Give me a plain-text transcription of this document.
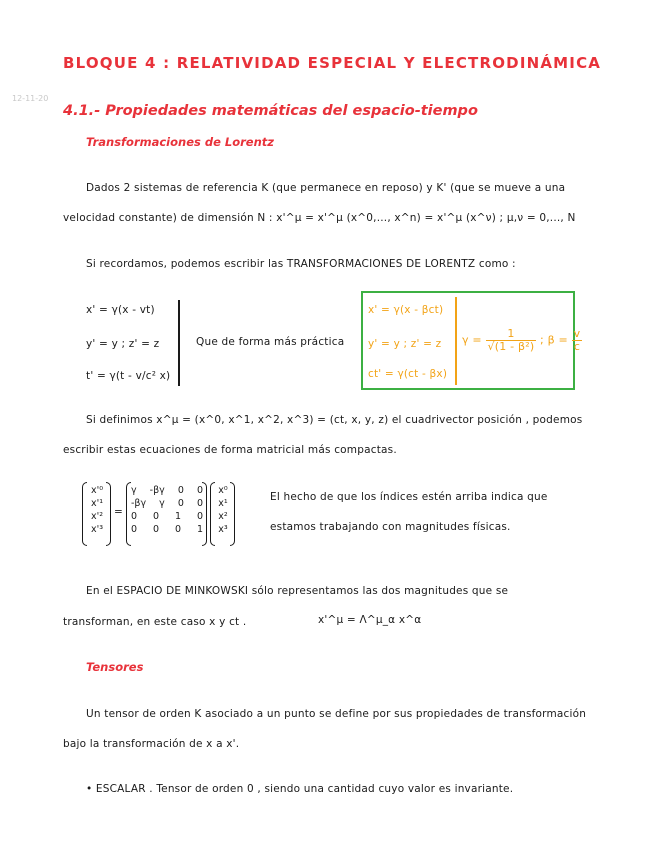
12-11-20
BLOQUE 4 : RELATIVIDAD ESPECIAL Y ELECTRODINÁMICA
4.1.- Propiedades matemáticas del espacio-tiempo
Transformaciones de Lorentz
Dados 2 sistemas de referencia K (que permanece en reposo) y K' (que se mueve a una
velocidad constante) de dimensión N : x'^μ = x'^μ (x^0,..., x^n) = x'^μ (x^ν) ; μ,ν = 0,..., N
Si recordamos, podemos escribir las TRANSFORMACIONES DE LORENTZ como :
x' = γ(x - vt)
y' = y ; z' = z
t' = γ(t - v/c² x)
Que de forma más práctica
x' = γ(x - βct)
y' = y ; z' = z
ct' = γ(ct - βx)
$\gamma = \frac{1}{\text{√(1 - β²)}}$ ; $\beta = \frac{v}{c}$
Si definimos x^μ = (x^0, x^1, x^2, x^3) = (ct, x, y, z) el cuadrivector posición , podemos
escribir estas ecuaciones de forma matricial más compactas.
x'⁰
x'¹
x'²
x'³
=
γ -βγ 0 0
-βγ γ 0 0
0 0 1 0
0 0 0 1
x⁰
x¹
x²
x³
El hecho de que los índices estén arriba indica que
estamos trabajando con magnitudes físicas.
En el ESPACIO DE MINKOWSKI sólo representamos las dos magnitudes que se
transforman, en este caso x y ct .	x'^μ = Λ^μ_α x^α
Tensores
Un tensor de orden K asociado a un punto se define por sus propiedades de transformación
bajo la transformación de x a x'.
• ESCALAR . Tensor de orden 0 , siendo una cantidad cuyo valor es invariante.
